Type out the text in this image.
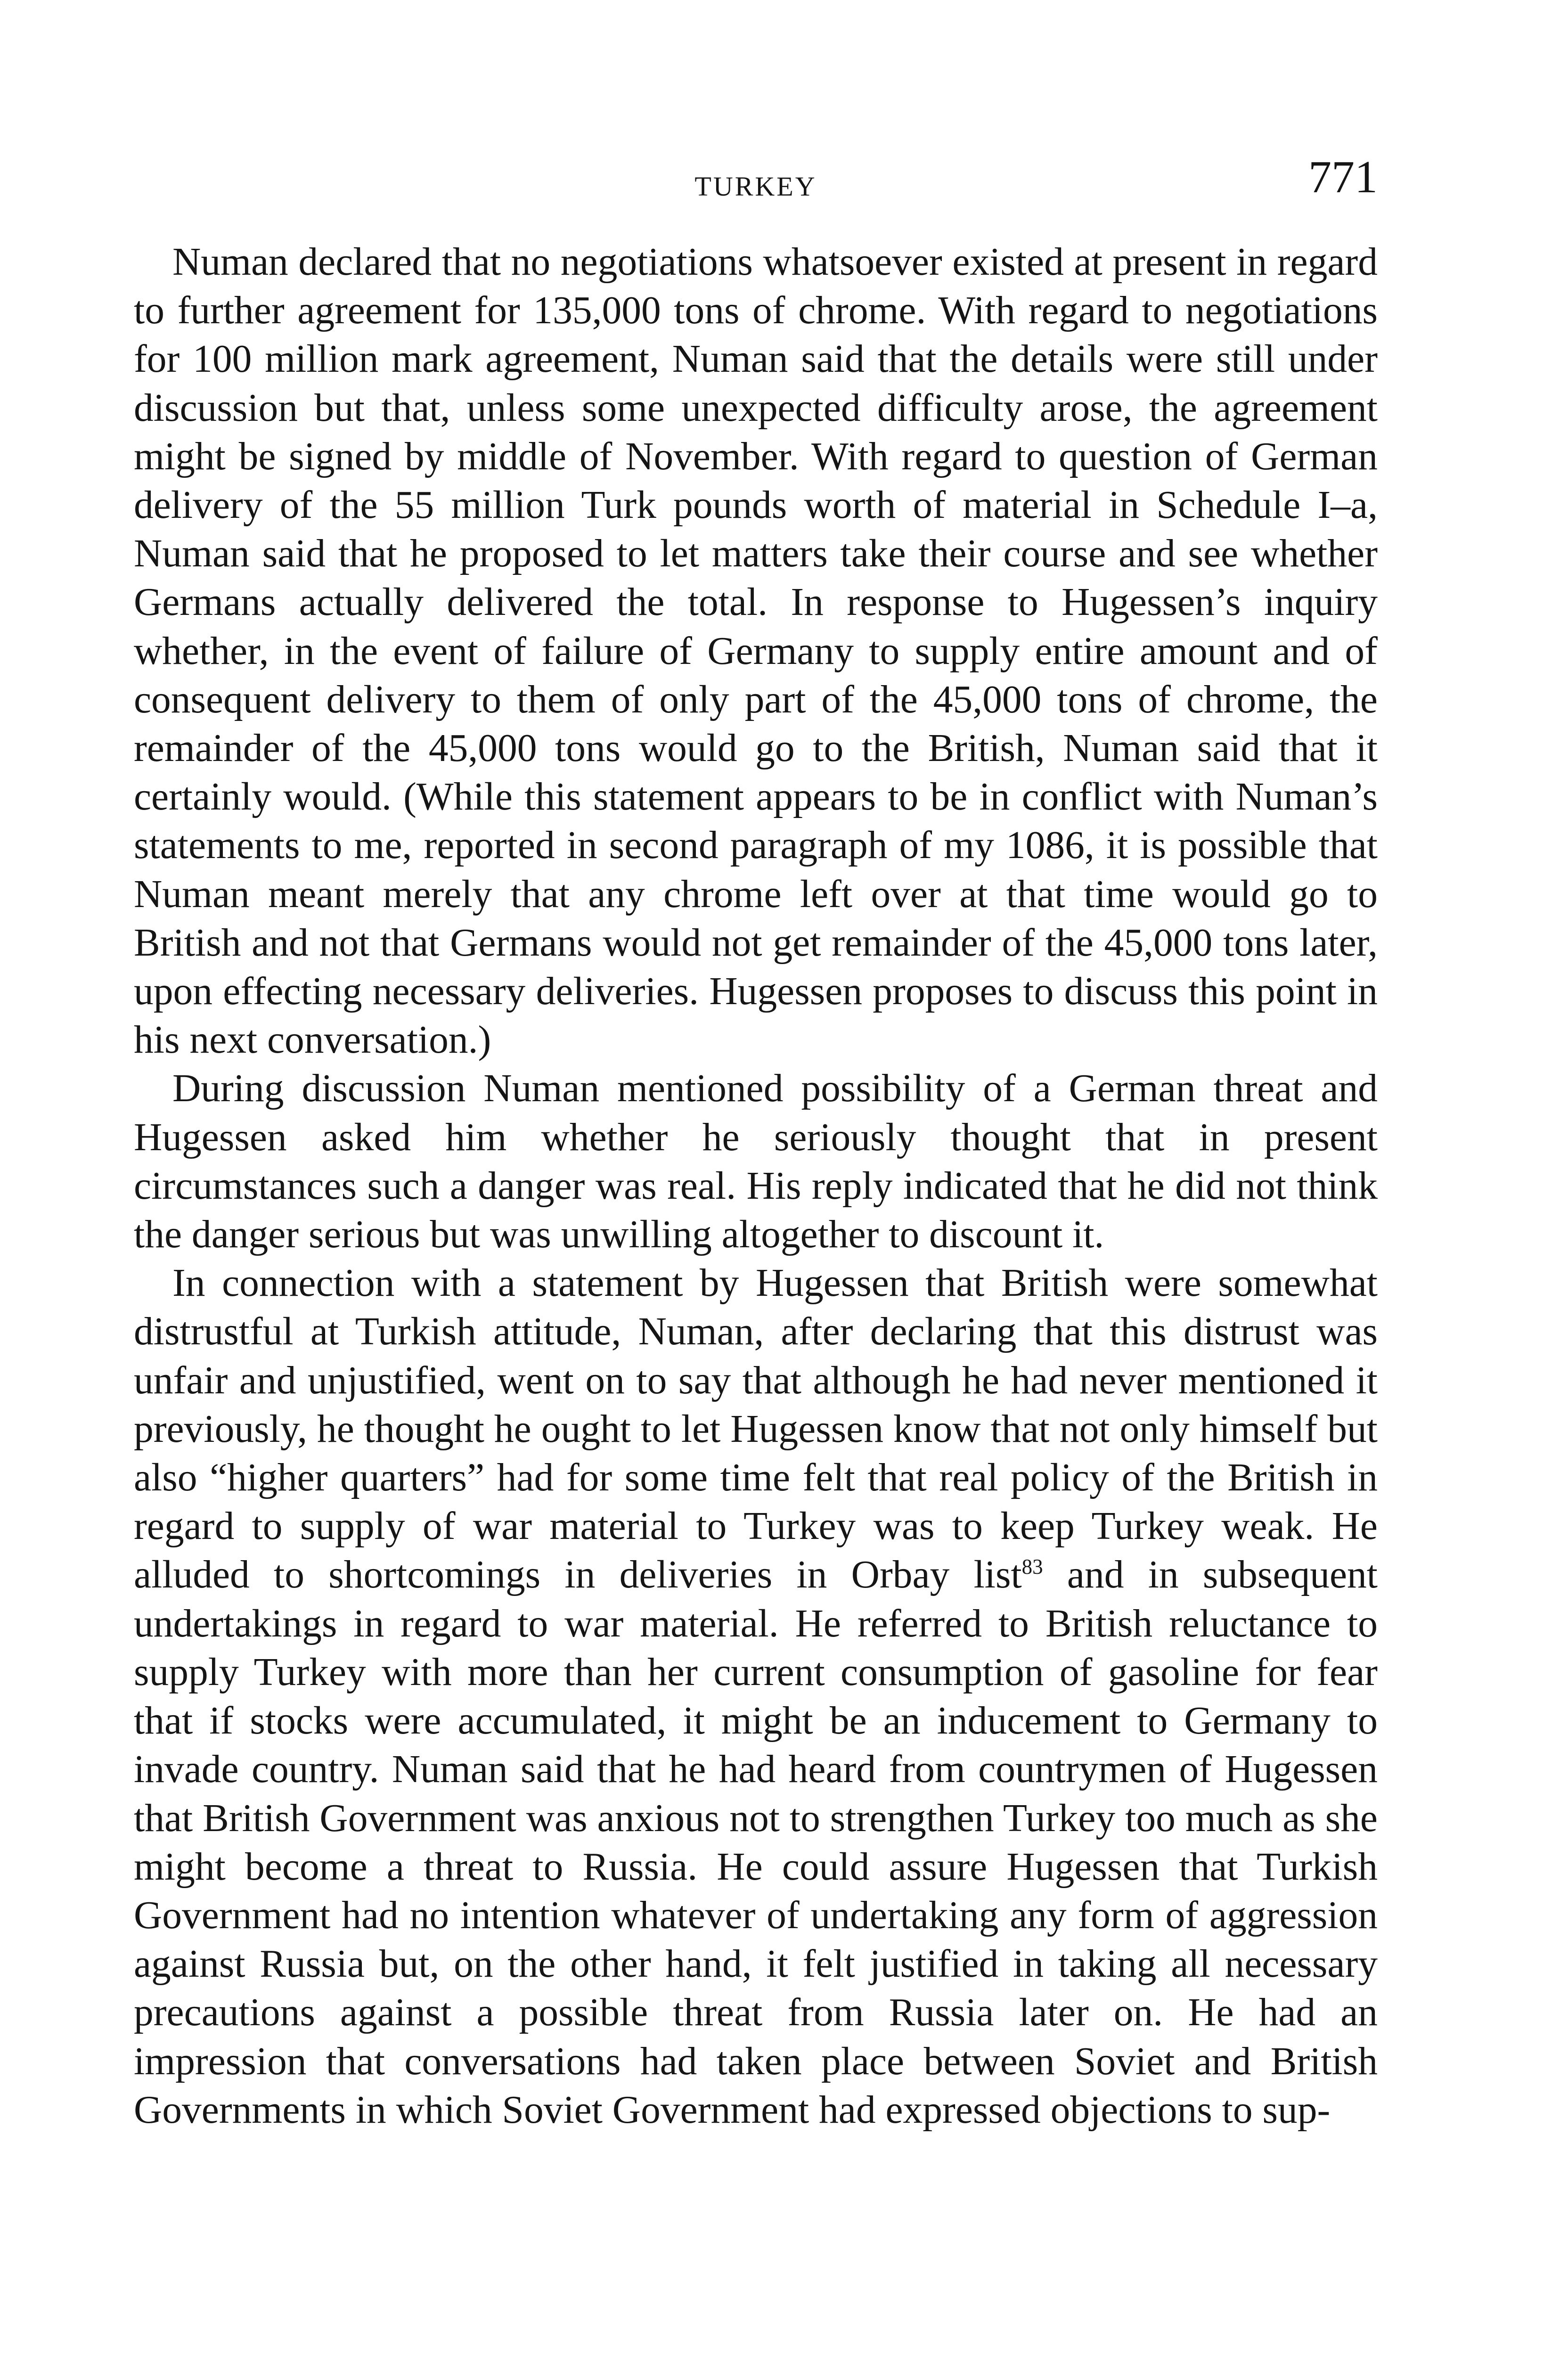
TURKEY	771

Numan declared that no negotiations whatsoever existed at present in regard to further agreement for 135,000 tons of chrome. With regard to negotiations for 100 million mark agreement, Numan said that the details were still under discussion but that, unless some unexpected difficulty arose, the agreement might be signed by middle of November. With regard to question of German delivery of the 55 million Turk pounds worth of material in Schedule I–a, Numan said that he proposed to let matters take their course and see whether Germans actually delivered the total. In response to Hugessen’s inquiry whether, in the event of failure of Germany to supply entire amount and of consequent delivery to them of only part of the 45,000 tons of chrome, the remainder of the 45,000 tons would go to the British, Numan said that it certainly would. (While this statement appears to be in conflict with Numan’s statements to me, reported in second paragraph of my 1086, it is possible that Numan meant merely that any chrome left over at that time would go to British and not that Germans would not get remainder of the 45,000 tons later, upon effecting necessary deliveries. Hugessen proposes to discuss this point in his next conversation.)

During discussion Numan mentioned possibility of a German threat and Hugessen asked him whether he seriously thought that in present circumstances such a danger was real. His reply indicated that he did not think the danger serious but was unwilling altogether to discount it.

In connection with a statement by Hugessen that British were somewhat distrustful at Turkish attitude, Numan, after declaring that this distrust was unfair and unjustified, went on to say that although he had never mentioned it previously, he thought he ought to let Hugessen know that not only himself but also “higher quarters” had for some time felt that real policy of the British in regard to supply of war material to Turkey was to keep Turkey weak. He alluded to shortcomings in deliveries in Orbay list$^{83}$ and in subsequent undertakings in regard to war material. He referred to British reluctance to supply Turkey with more than her current consumption of gasoline for fear that if stocks were accumulated, it might be an inducement to Germany to invade country. Numan said that he had heard from countrymen of Hugessen that British Government was anxious not to strengthen Turkey too much as she might become a threat to Russia. He could assure Hugessen that Turkish Government had no intention whatever of undertaking any form of aggression against Russia but, on the other hand, it felt justified in taking all necessary precautions against a possible threat from Russia later on. He had an impression that conversations had taken place between Soviet and British Governments in which Soviet Government had expressed objections to sup-
